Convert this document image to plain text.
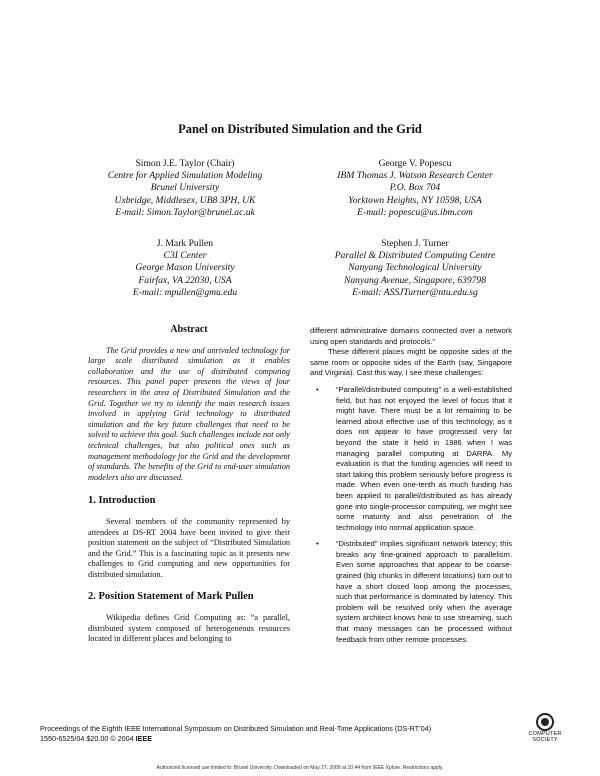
Panel on Distributed Simulation and the Grid
Simon J.E. Taylor (Chair)
Centre for Applied Simulation Modeling
Brunel University
Uxbridge, Middlesex, UB8 3PH, UK
E-mail: Simon.Taylor@brunel.ac.uk
George V. Popescu
IBM Thomas J. Watson Research Center
P.O. Box 704
Yorktown Heights, NY 10598, USA
E-mail: popescu@us.ibm.com
J. Mark Pullen
C3I Center
George Mason University
Fairfax, VA 22030, USA
E-mail: mpullen@gmu.edu
Stephen J. Turner
Parallel & Distributed Computing Centre
Nanyang Technological University
Nanyang Avenue, Singapore, 639798
E-mail: ASSJTurner@ntu.edu.sg
Abstract

The Grid provides a new and unrivaled technology for large scale distributed simulation as it enables collaboration and the use of distributed computing resources. This panel paper presents the views of four researchers in the area of Distributed Simulation and the Grid. Together we try to identify the main research issues involved in applying Grid technology to distributed simulation and the key future challenges that need to be solved to achieve this goal. Such challenges include not only technical challenges, but also political ones such as management methodology for the Grid and the development of standards. The benefits of the Grid to end-user simulation modelers also are discussed.

1. Introduction

Several members of the community represented by attendees at DS-RT 2004 have been invited to give their position statement on the subject of “Distributed Simulation and the Grid.” This is a fascinating topic as it presents new challenges to Grid computing and new opportunities for distributed simulation.

2. Position Statement of Mark Pullen

Wikipedia defines Grid Computing as: “a parallel, distributed system composed of heterogeneous resources located in different places and belonging to

different administrative domains connected over a network using open standards and protocols.”

These different places might be opposite sides of the same room or opposite sides of the Earth (say, Singapore and Virginia). Cast this way, I see these challenges:

• “Parallel/distributed computing” is a well-established field, but has not enjoyed the level of focus that it might have. There must be a lot remaining to be learned about effective use of this technology, as it does not appear to have progressed very far beyond the state it held in 1986 when I was managing parallel computing at DARPA. My evaluation is that the funding agencies will need to start taking this problem seriously before progress is made. When even one-tenth as much funding has been applied to parallel/distributed as has already gone into single-processor computing, we might see some maturity and also penetration of the technology into normal application space.
• “Distributed” implies significant network latency; this breaks any fine-grained approach to parallelism. Even some approaches that appear to be coarse-grained (big chunks in different locations) turn out to have a short closed loop among the processes, such that performance is dominated by latency. This problem will be resolved only when the average system architect knows how to use streaming, such that many messages can be processed without feedback from other remote processes.
Proceedings of the Eighth IEEE International Symposium on Distributed Simulation and Real-Time Applications (DS-RT’04)
1550-6525/04 $20.00 © 2004 IEEE	COMPUTER
SOCIETY
Authorized licensed use limited to: Brunel University. Downloaded on May 27, 2009 at 10:44 from IEEE Xplore. Restrictions apply.
